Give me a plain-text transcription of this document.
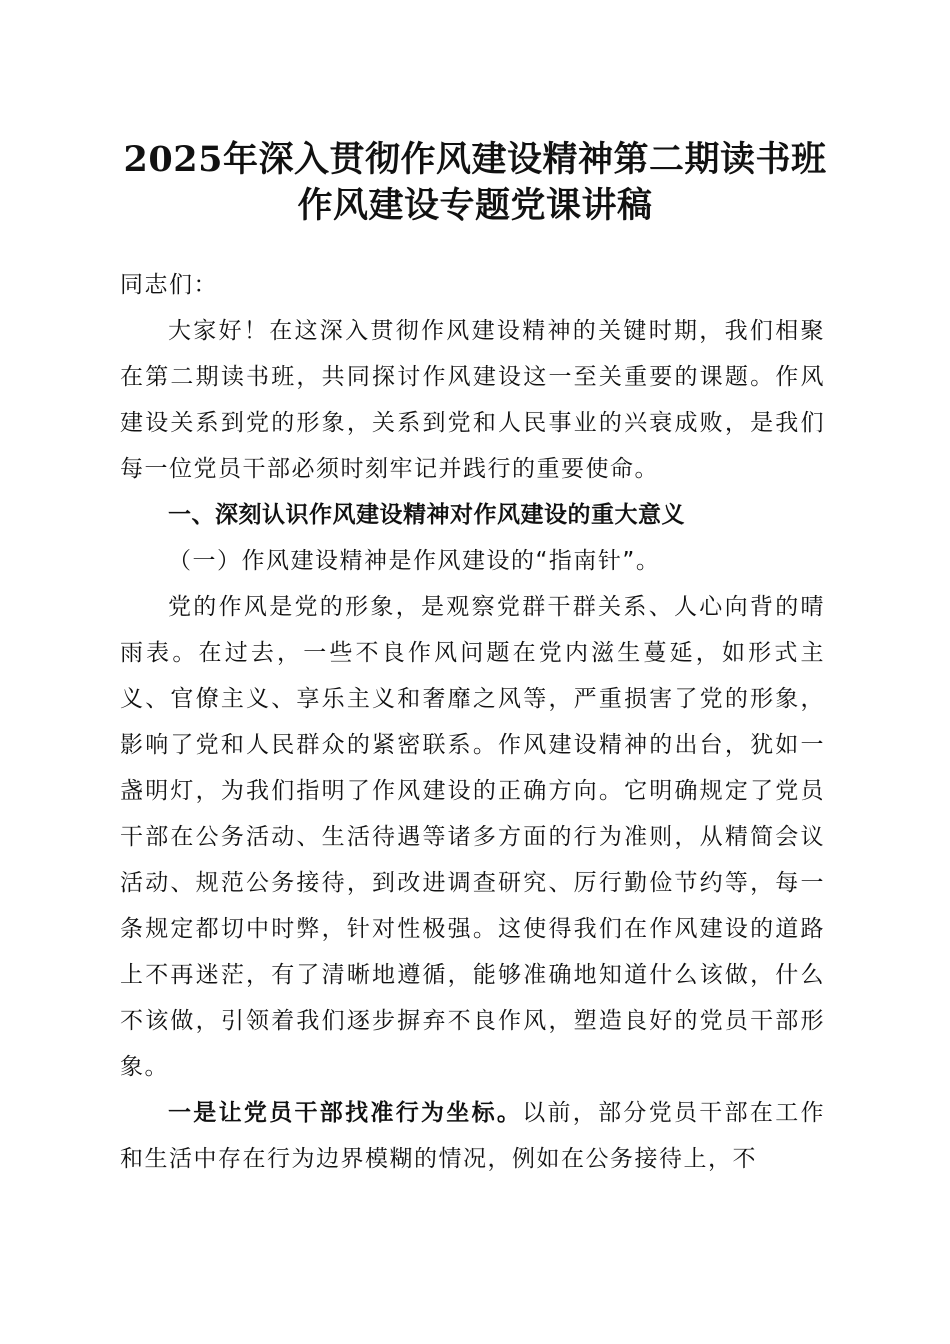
2025年深入贯彻作风建设精神第二期读书班
作风建设专题党课讲稿

同志们：

大家好！在这深入贯彻作风建设精神的关键时期，我们相聚在第二期读书班，共同探讨作风建设这一至关重要的课题。作风建设关系到党的形象，关系到党和人民事业的兴衰成败，是我们每一位党员干部必须时刻牢记并践行的重要使命。

一、深刻认识作风建设精神对作风建设的重大意义

（一）作风建设精神是作风建设的“指南针”。

党的作风是党的形象，是观察党群干群关系、人心向背的晴雨表。在过去，一些不良作风问题在党内滋生蔓延，如形式主义、官僚主义、享乐主义和奢靡之风等，严重损害了党的形象，影响了党和人民群众的紧密联系。作风建设精神的出台，犹如一盏明灯，为我们指明了作风建设的正确方向。它明确规定了党员干部在公务活动、生活待遇等诸多方面的行为准则，从精简会议活动、规范公务接待，到改进调查研究、厉行勤俭节约等，每一条规定都切中时弊，针对性极强。这使得我们在作风建设的道路上不再迷茫，有了清晰地遵循，能够准确地知道什么该做，什么不该做，引领着我们逐步摒弃不良作风，塑造良好的党员干部形象。

一是让党员干部找准行为坐标。以前，部分党员干部在工作和生活中存在行为边界模糊的情况，例如在公务接待上，不
